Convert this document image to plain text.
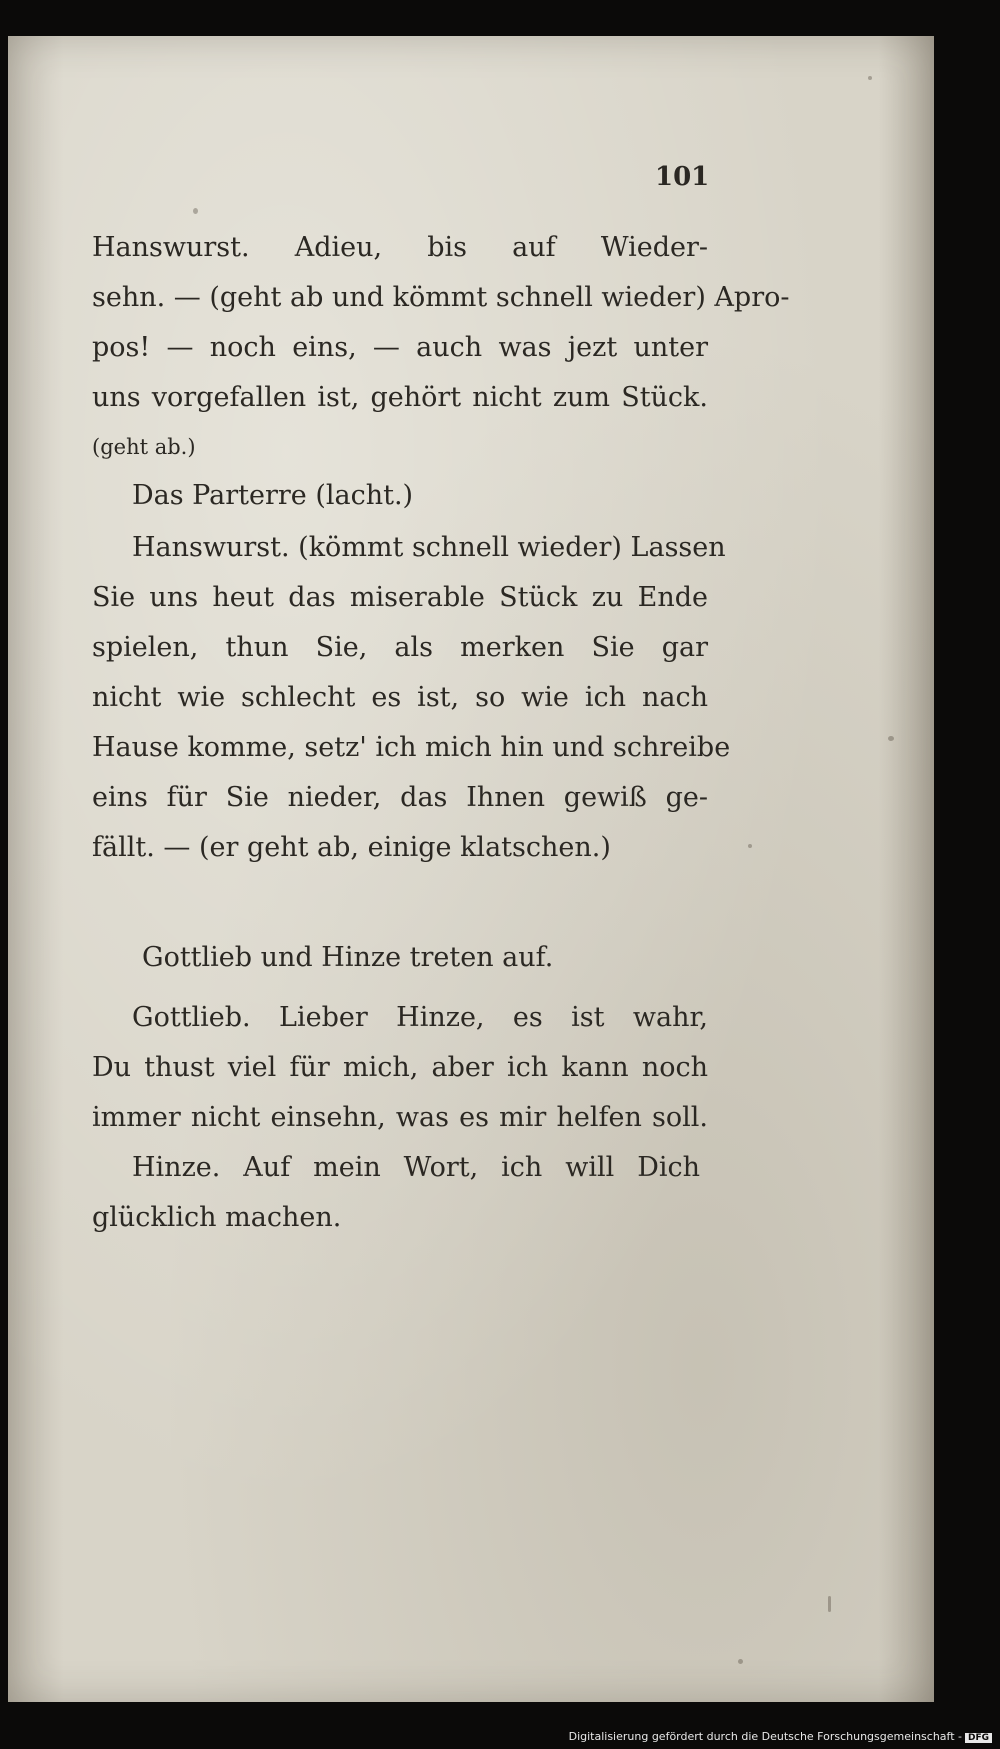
101
Hanswurst. Adieu, bis auf Wieder-
sehn. — (geht ab und kömmt schnell wieder) Apro-
pos! — noch eins, — auch was jezt unter
uns vorgefallen ist, gehört nicht zum Stück.
(geht ab.)
Das Parterre (lacht.)
Hanswurst. (kömmt schnell wieder) Lassen
Sie uns heut das miserable Stück zu Ende
spielen, thun Sie, als merken Sie gar
nicht wie schlecht es ist, so wie ich nach
Hause komme, setz' ich mich hin und schreibe
eins für Sie nieder, das Ihnen gewiß ge-
fällt. — (er geht ab, einige klatschen.)
Gottlieb und Hinze treten auf.
Gottlieb. Lieber Hinze, es ist wahr,
Du thust viel für mich, aber ich kann noch
immer nicht einsehn, was es mir helfen soll.
Hinze. Auf mein Wort, ich will Dich
glücklich machen.
Digitalisierung gefördert durch die Deutsche Forschungsgemeinschaft - DFG
